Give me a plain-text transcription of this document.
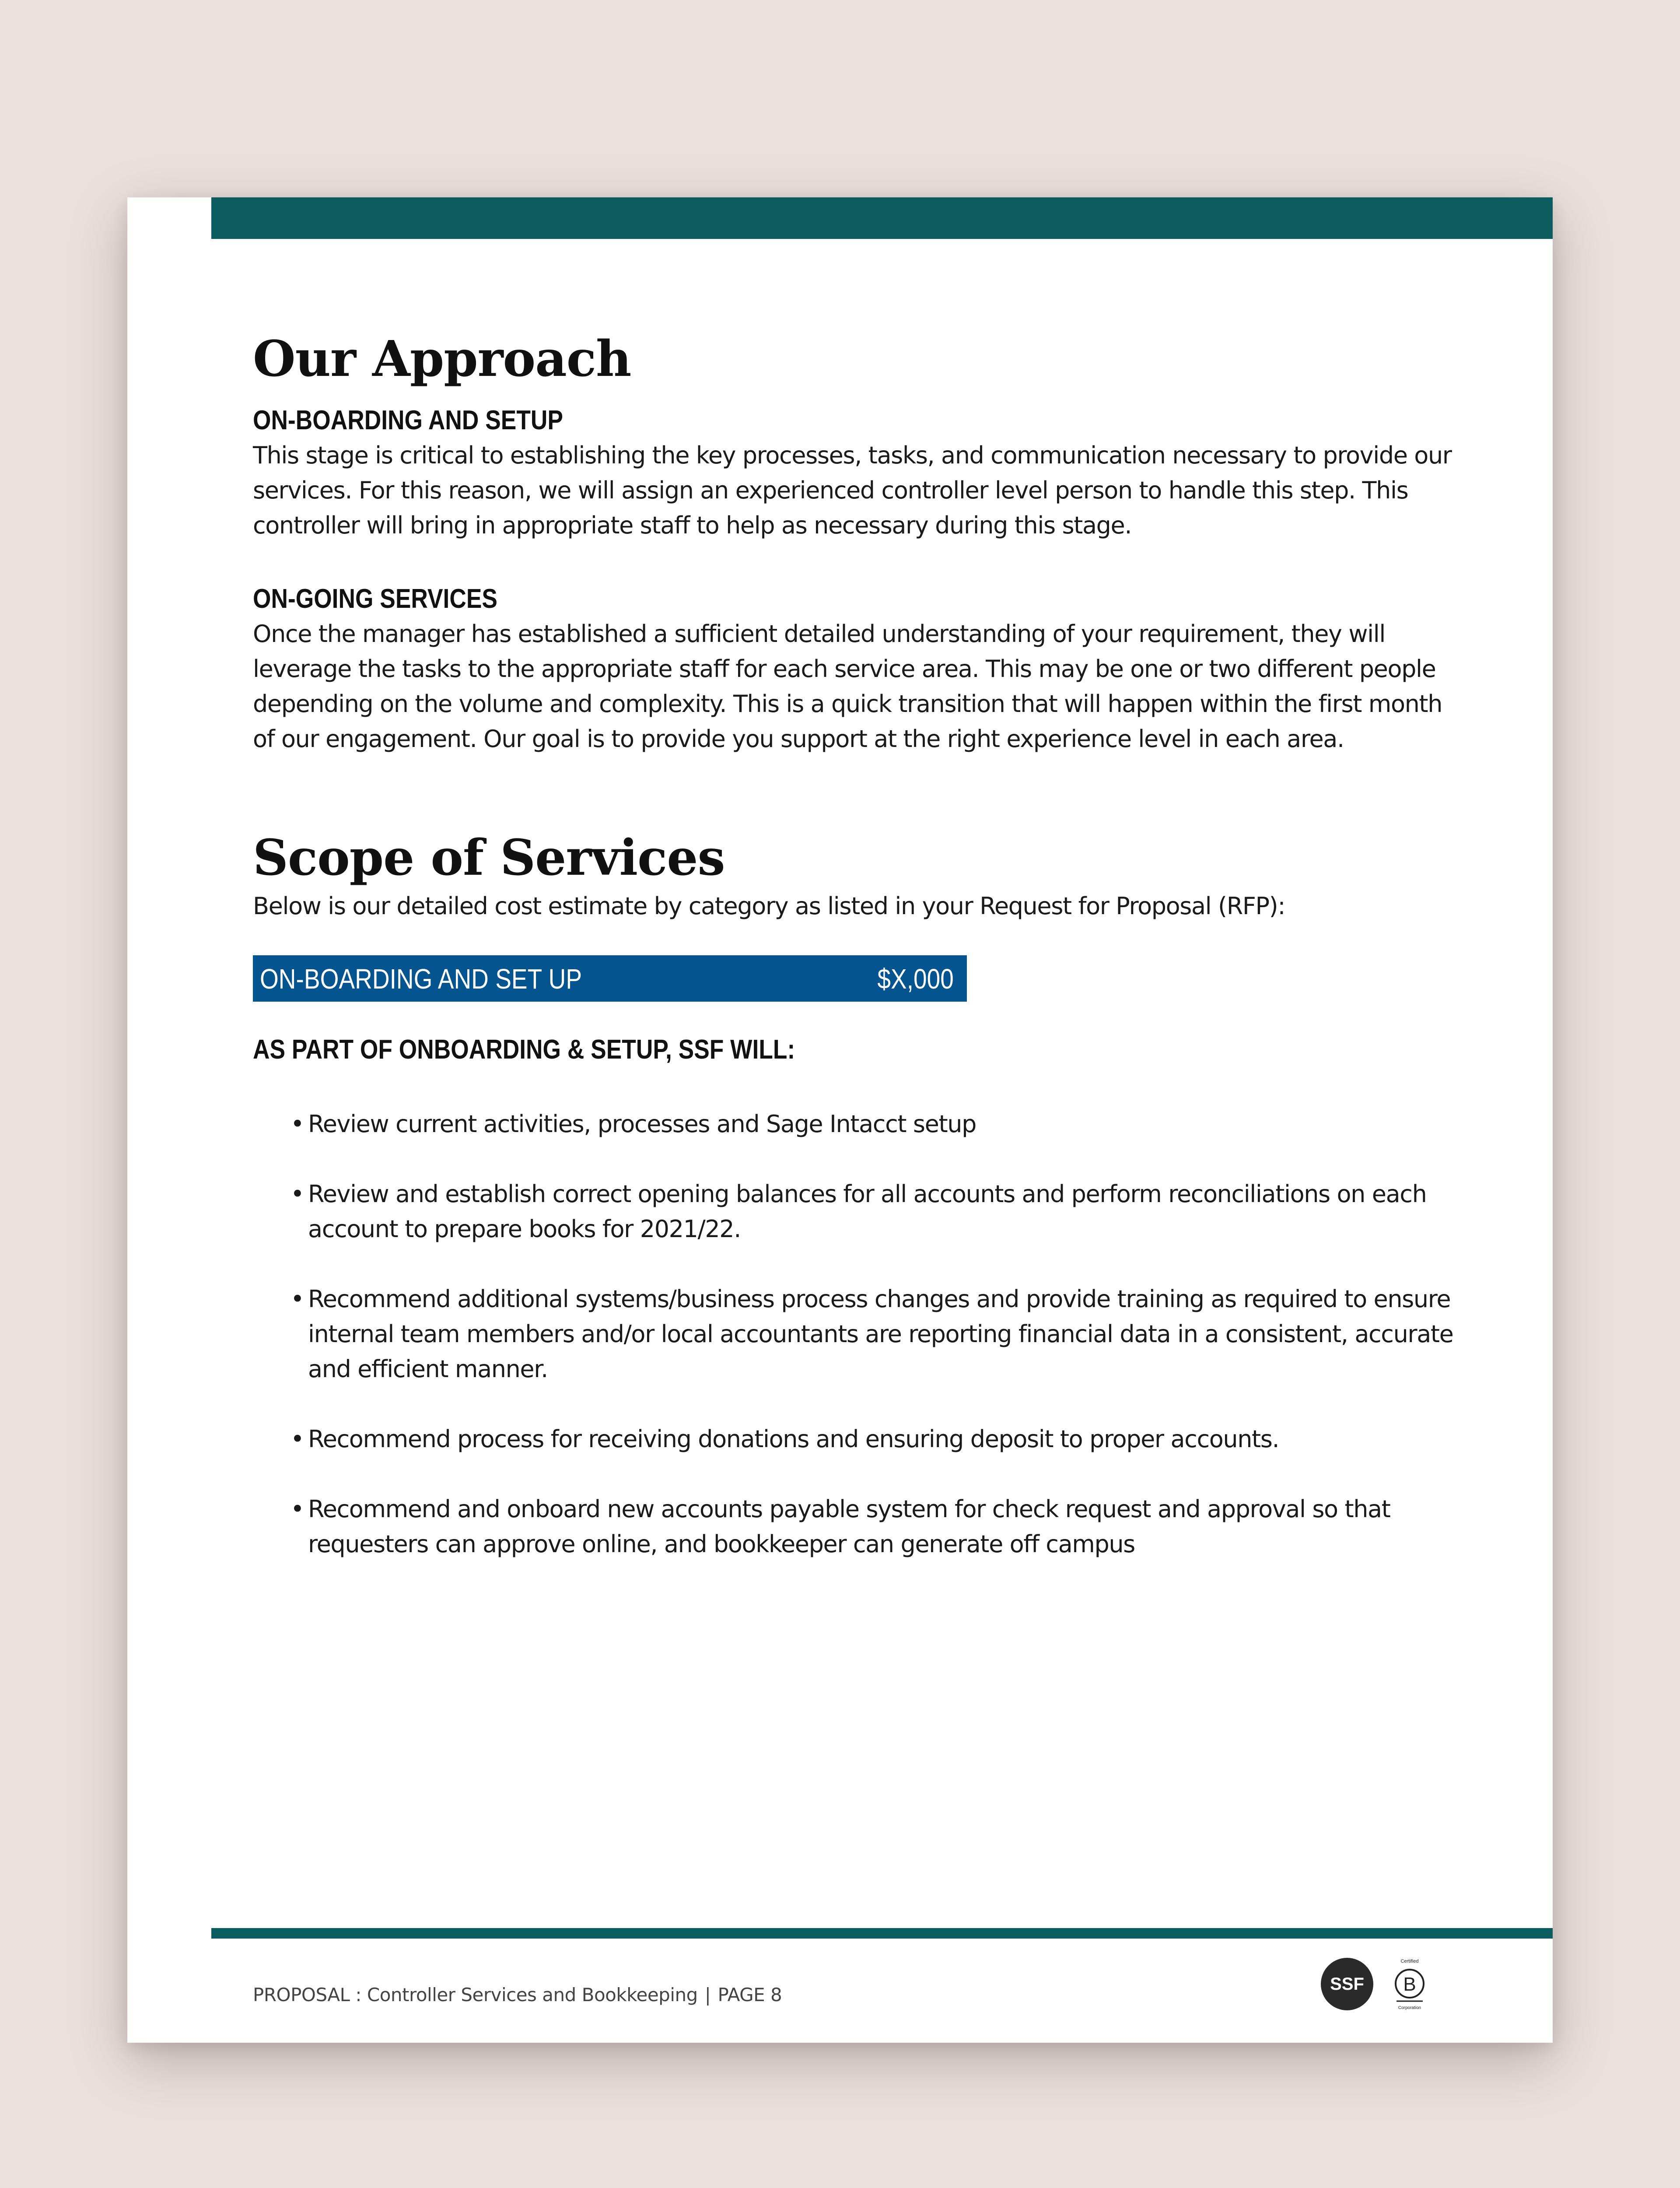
Our Approach
ON-BOARDING AND SETUP

This stage is critical to establishing the key processes, tasks, and communication necessary to provide our services. For this reason, we will assign an experienced controller level person to handle this step. This controller will bring in appropriate staff to help as necessary during this stage.

ON-GOING SERVICES

Once the manager has established a sufficient detailed understanding of your requirement, they will leverage the tasks to the appropriate staff for each service area. This may be one or two different people depending on the volume and complexity. This is a quick transition that will happen within the first month of our engagement. Our goal is to provide you support at the right experience level in each area.

Scope of Services

Below is our detailed cost estimate by category as listed in your Request for Proposal (RFP):

ON-BOARDING AND SET UP	$X,000
AS PART OF ONBOARDING & SETUP, SSF WILL:
• Review current activities, processes and Sage Intacct setup
• Review and establish correct opening balances for all accounts and perform reconciliations on each account to prepare books for 2021/22.
• Recommend additional systems/business process changes and provide training as required to ensure internal team members and/or local accountants are reporting financial data in a consistent, accurate and efficient manner.
• Recommend process for receiving donations and ensuring deposit to proper accounts.
• Recommend and onboard new accounts payable system for check request and approval so that requesters can approve online, and bookkeeper can generate off campus
PROPOSAL : Controller Services and Bookkeeping | PAGE 8	SSF
Certified
B
Corporation
